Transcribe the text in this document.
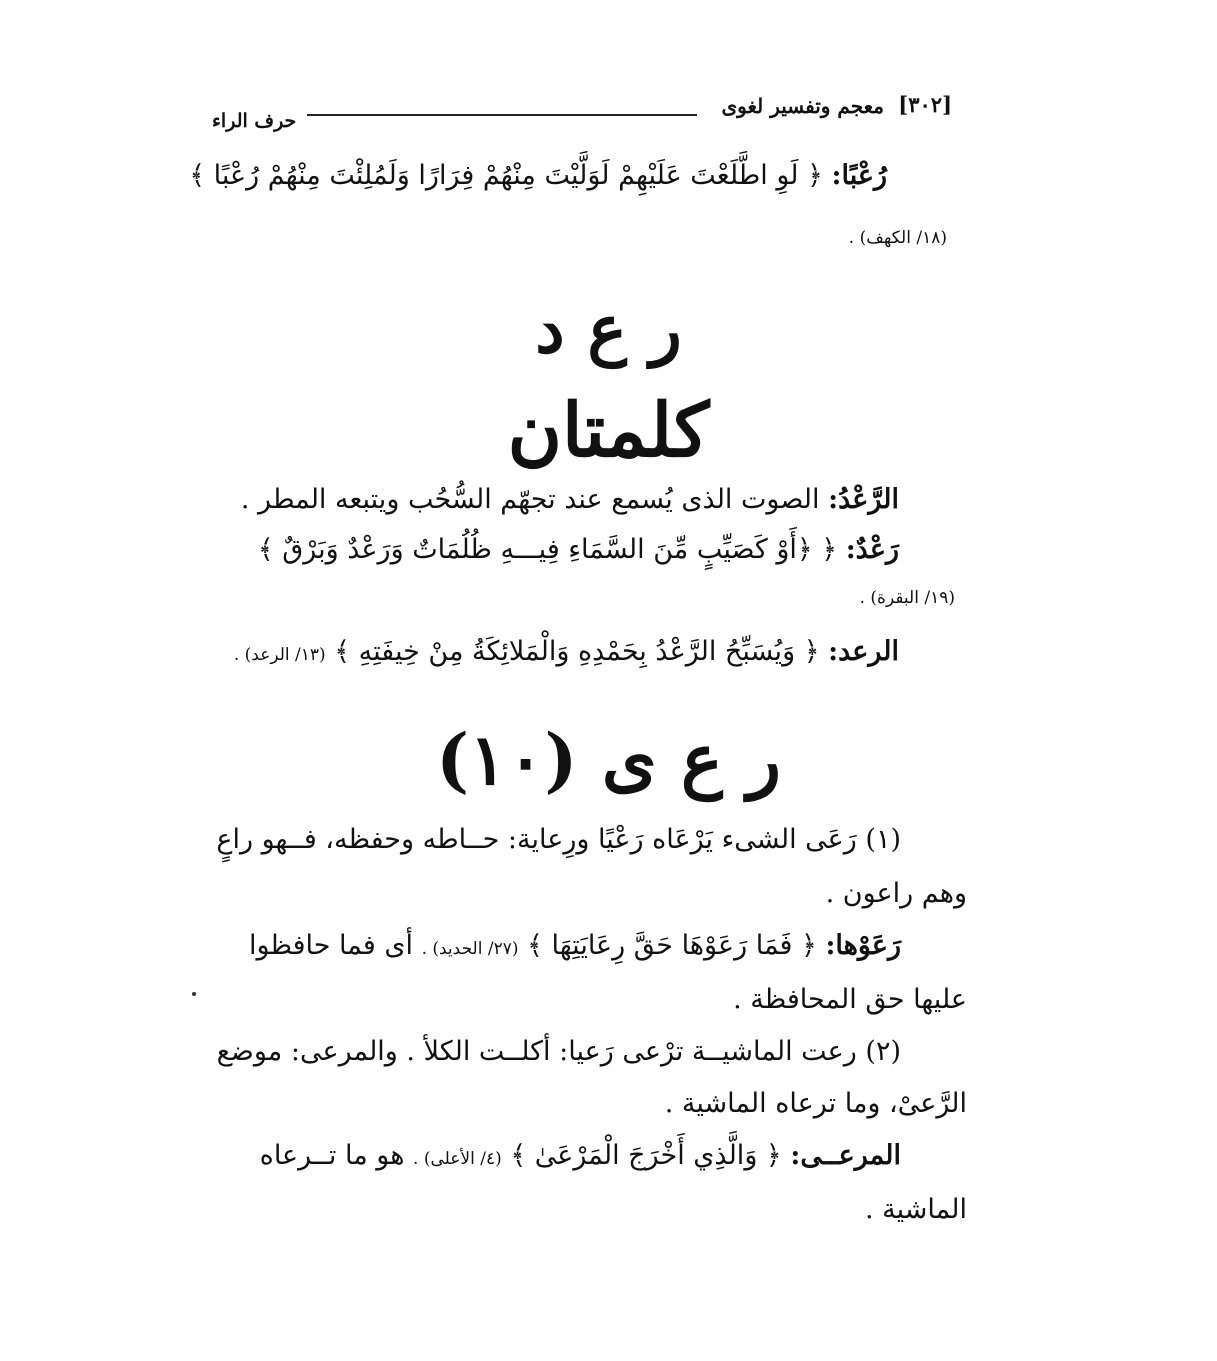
[٣٠٢]
معجم وتفسير لغوى
حرف الراء
رُعْبًا: ﴿ لَوِ اطَّلَعْتَ عَلَيْهِمْ لَوَلَّيْتَ مِنْهُمْ فِرَارًا وَلَمُلِئْتَ مِنْهُمْ رُعْبًا ﴾
(١٨/ الكهف) .
ر ع د
كلمتان
الرَّعْدُ: الصوت الذى يُسمع عند تجهّم السُّحُب ويتبعه المطر .
رَعْدٌ: ﴿ ﴿أَوْ كَصَيِّبٍ مِّنَ السَّمَاءِ فِيـــهِ ظُلُمَاتٌ وَرَعْدٌ وَبَرْقٌ ﴾
(١٩/ البقرة) .
الرعد: ﴿ وَيُسَبِّحُ الرَّعْدُ بِحَمْدِهِ وَالْمَلائِكَةُ مِنْ خِيفَتِهِ ﴾ (١٣/ الرعد) .
ر ع ى (١٠)
(١) رَعَى الشىء يَرْعَاه رَعْيًا ورِعاية: حــاطه وحفظه، فــهو راعٍ
وهم راعون .
رَعَوْها: ﴿ فَمَا رَعَوْهَا حَقَّ رِعَايَتِهَا ﴾ (٢٧/ الحديد) . أى فما حافظوا
عليها حق المحافظة .
(٢) رعت الماشيــة ترْعى رَعيا: أكلــت الكلأ . والمرعى: موضع
الرَّعىْ، وما ترعاه الماشية .
المرعــى: ﴿ وَالَّذِي أَخْرَجَ الْمَرْعَىٰ ﴾ (٤/ الأعلى) . هو ما تــرعاه
الماشية .
